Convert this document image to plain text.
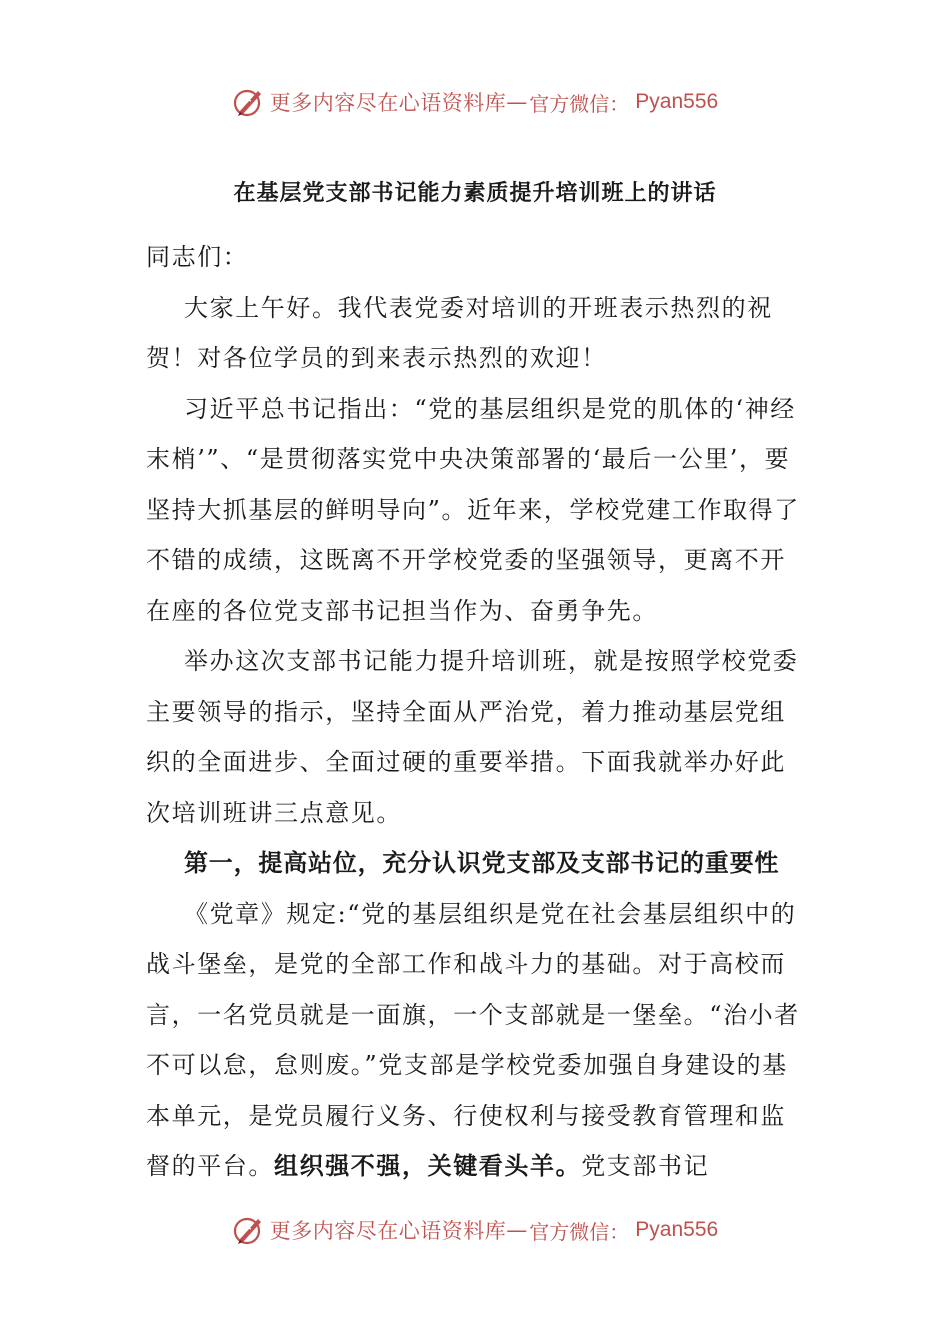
更多内容尽在心语资料库 — 官方微信： Pyan556
在基层党支部书记能力素质提升培训班上的讲话

同志们：

大家上午好。我代表党委对培训的开班表示热烈的祝贺！对各位学员的到来表示热烈的欢迎！

习近平总书记指出：“党的基层组织是党的肌体的‘神经末梢’”、“是贯彻落实党中央决策部署的‘最后一公里’，要坚持大抓基层的鲜明导向”。近年来，学校党建工作取得了不错的成绩，这既离不开学校党委的坚强领导，更离不开在座的各位党支部书记担当作为、奋勇争先。

举办这次支部书记能力提升培训班，就是按照学校党委主要领导的指示，坚持全面从严治党，着力推动基层党组织的全面进步、全面过硬的重要举措。下面我就举办好此次培训班讲三点意见。

第一，提高站位，充分认识党支部及支部书记的重要性

《党章》规定:“党的基层组织是党在社会基层组织中的战斗堡垒，是党的全部工作和战斗力的基础。对于高校而言，一名党员就是一面旗，一个支部就是一堡垒。“治小者不可以怠，怠则废。”党支部是学校党委加强自身建设的基本单元，是党员履行义务、行使权利与接受教育管理和监督的平台。组织强不强，关键看头羊。党支部书记

更多内容尽在心语资料库 — 官方微信： Pyan556
